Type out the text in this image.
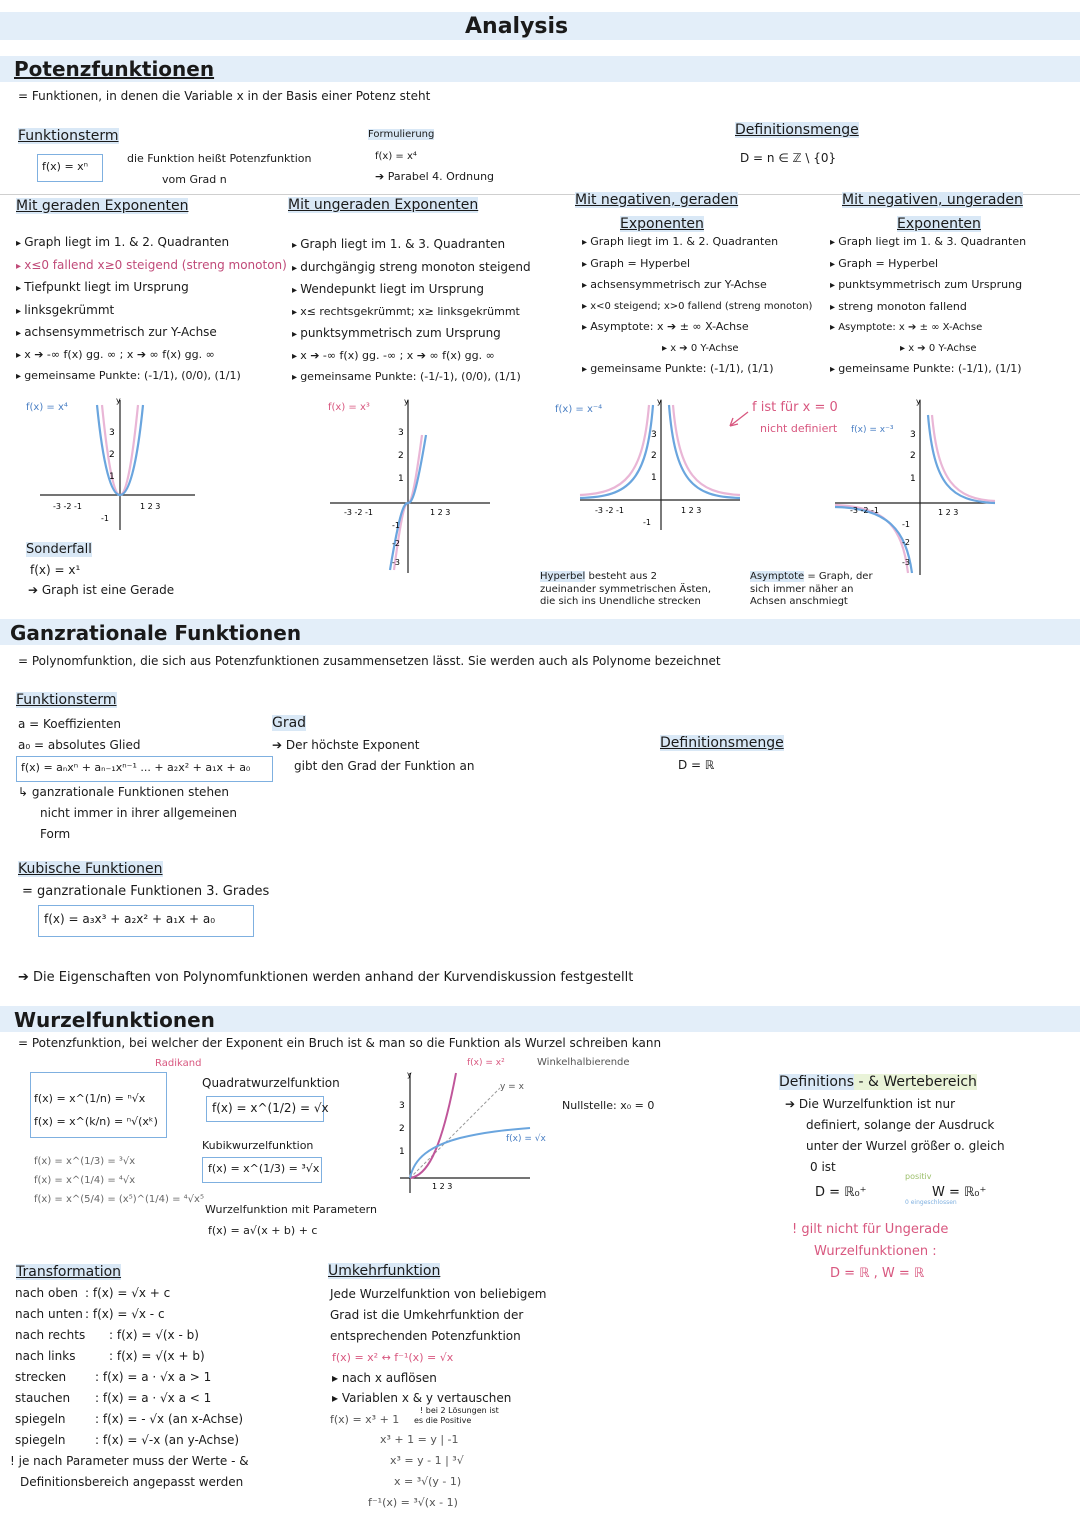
Analysis
Potenzfunktionen
= Funktionen, in denen die Variable x in der Basis einer Potenz steht
Funktionsterm
f(x) = xⁿ
die Funktion heißt Potenzfunktion
vom Grad n
Formulierung
f(x) = x⁴
➔ Parabel 4. Ordnung
Definitionsmenge
D = n ∈ ℤ \ {0}
Mit geraden Exponenten	Mit ungeraden Exponenten	Mit negativen, geraden
Exponenten
Mit negativen, ungeraden
Exponenten
▸ Graph liegt im 1. & 2. Quadranten
▸ x≤0 fallend x≥0 steigend (streng monoton)
▸ Tiefpunkt liegt im Ursprung
▸ linksgekrümmt
▸ achsensymmetrisch zur Y-Achse
▸ x ➔ -∞ f(x) gg. ∞ ; x ➔ ∞ f(x) gg. ∞
▸ gemeinsame Punkte: (-1/1), (0/0), (1/1)
▸ Graph liegt im 1. & 3. Quadranten
▸ durchgängig streng monoton steigend
▸ Wendepunkt liegt im Ursprung
▸ x≤ rechtsgekrümmt; x≥ linksgekrümmt
▸ punktsymmetrisch zum Ursprung
▸ x ➔ -∞ f(x) gg. -∞ ; x ➔ ∞ f(x) gg. ∞
▸ gemeinsame Punkte: (-1/-1), (0/0), (1/1)
▸ Graph liegt im 1. & 2. Quadranten
▸ Graph = Hyperbel
▸ achsensymmetrisch zur Y-Achse
▸ x<0 steigend; x>0 fallend (streng monoton)
▸ Asymptote: x ➔ ± ∞ X-Achse
▸ x ➔ 0 Y-Achse
▸ gemeinsame Punkte: (-1/1), (1/1)
▸ Graph liegt im 1. & 3. Quadranten
▸ Graph = Hyperbel
▸ punktsymmetrisch zum Ursprung
▸ streng monoton fallend
▸ Asymptote: x ➔ ± ∞ X-Achse
▸ x ➔ 0 Y-Achse
▸ gemeinsame Punkte: (-1/1), (1/1)
f(x) = x⁴
y
3
2
1
-3 -2 -1	1 2 3
-1
f(x) = x³
y
3
2
1
-3 -2 -1	1 2 3
-1
-2
-3
f(x) = x⁻⁴
y
3
2
1
-3 -2 -1	1 2 3
-1
f ist für x = 0
nicht definiert f(x) = x⁻³
y
3
2
1
-3 -2 -1	1 2 3
-1
-2
-3
Sonderfall
f(x) = x¹
➔ Graph ist eine Gerade
Hyperbel besteht aus 2
zueinander symmetrischen Ästen,
die sich ins Unendliche strecken
Asymptote = Graph, der
sich immer näher an
Achsen anschmiegt
Ganzrationale Funktionen
= Polynomfunktion, die sich aus Potenzfunktionen zusammensetzen lässt. Sie werden auch als Polynome bezeichnet
Funktionsterm
a = Koeffizienten
a₀ = absolutes Glied
f(x) = aₙxⁿ + aₙ₋₁xⁿ⁻¹ ... + a₂x² + a₁x + a₀
↳ ganzrationale Funktionen stehen
nicht immer in ihrer allgemeinen
Form
Grad
➔ Der höchste Exponent
gibt den Grad der Funktion an
Definitionsmenge
D = ℝ
Kubische Funktionen
= ganzrationale Funktionen 3. Grades
f(x) = a₃x³ + a₂x² + a₁x + a₀
➔ Die Eigenschaften von Polynomfunktionen werden anhand der Kurvendiskussion festgestellt
Wurzelfunktionen
= Potenzfunktion, bei welcher der Exponent ein Bruch ist & man so die Funktion als Wurzel schreiben kann
Radikand
f(x) = x^(1/n) = ⁿ√x
f(x) = x^(k/n) = ⁿ√(xᵏ)
f(x) = x^(1/3) = ³√x
f(x) = x^(1/4) = ⁴√x
f(x) = x^(5/4) = (x⁵)^(1/4) = ⁴√x⁵
Quadratwurzelfunktion
f(x) = x^(1/2) = √x
Kubikwurzelfunktion
f(x) = x^(1/3) = ³√x
Wurzelfunktion mit Parametern
f(x) = a√(x + b) + c
f(x) = x²	Winkelhalbierende
y = x
f(x) = √x
y
3
2
1
1 2 3
Nullstelle: x₀ = 0
Definitions - & Wertebereich
➔ Die Wurzelfunktion ist nur
definiert, solange der Ausdruck
unter der Wurzel größer o. gleich
0 ist
positiv
0 eingeschlossen
D = ℝ₀⁺	W = ℝ₀⁺
! gilt nicht für Ungerade
Wurzelfunktionen :
D = ℝ , W = ℝ
Transformation
nach oben : f(x) = √x + c
nach unten : f(x) = √x - c
nach rechts : f(x) = √(x - b)
nach links	: f(x) = √(x + b)
strecken : f(x) = a · √x a > 1
stauchen : f(x) = a · √x a < 1
spiegeln : f(x) = - √x (an x-Achse)
spiegeln : f(x) = √-x (an y-Achse)
! je nach Parameter muss der Werte - &
Definitionsbereich angepasst werden
Umkehrfunktion
Jede Wurzelfunktion von beliebigem
Grad ist die Umkehrfunktion der
entsprechenden Potenzfunktion
f(x) = x² ↔ f⁻¹(x) = √x
▸ nach x auflösen
▸ Variablen x & y vertauschen
! bei 2 Lösungen ist
es die Positive
f(x) = x³ + 1
x³ + 1 = y | -1
x³ = y - 1 | ³√
x = ³√(y - 1)
f⁻¹(x) = ³√(x - 1)
